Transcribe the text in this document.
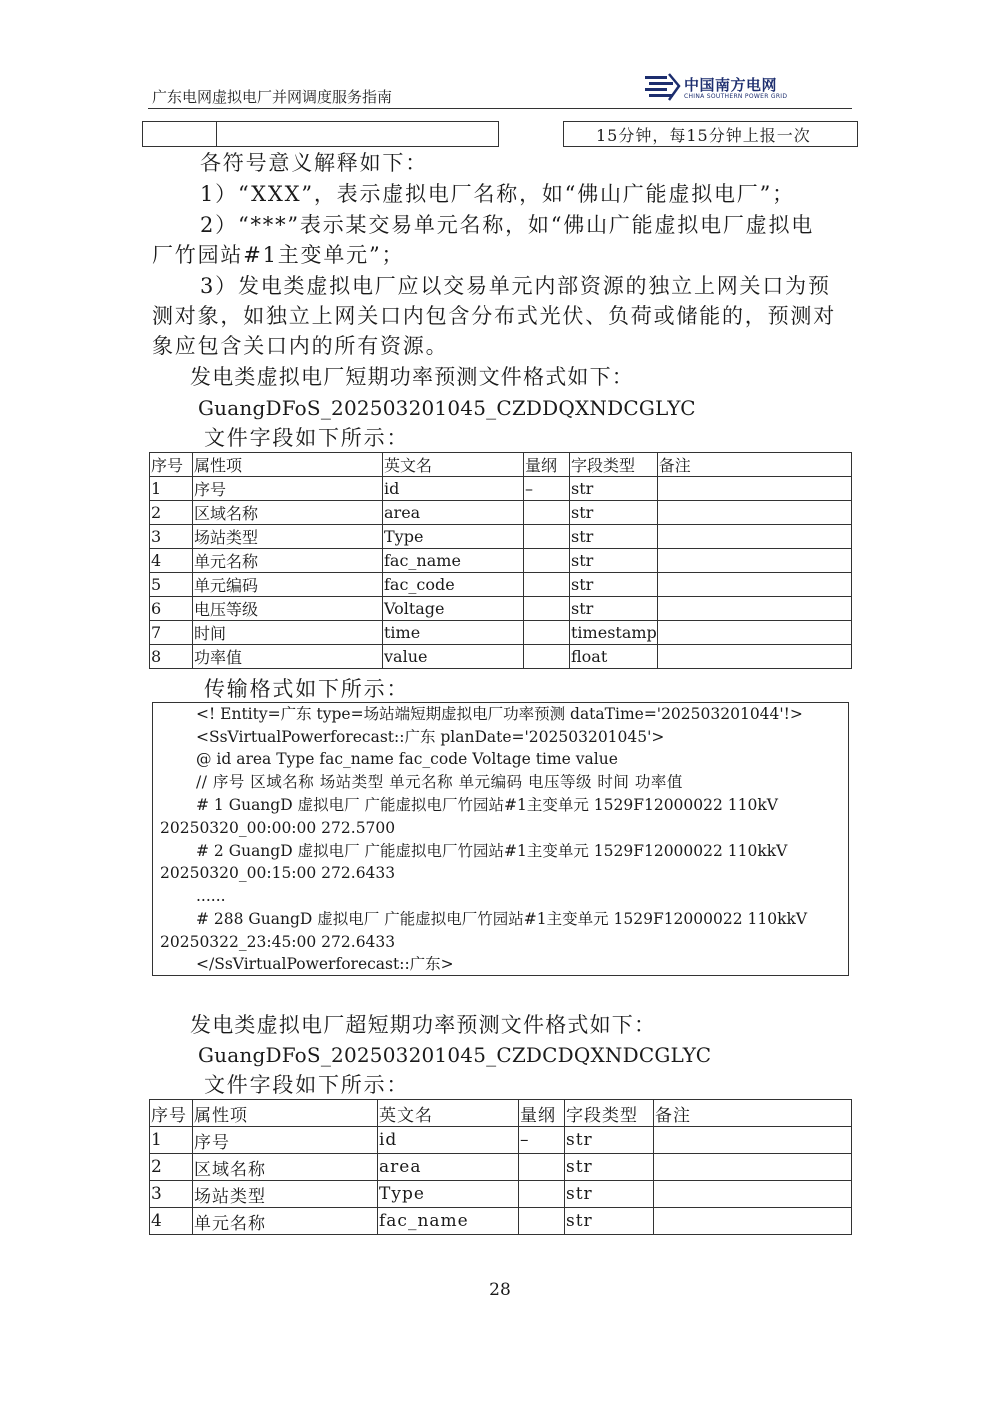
广东电网虚拟电厂并网调度服务指南
中国南方电网
CHINA SOUTHERN POWER GRID
			15分钟，每15分钟上报一次
各符号意义解释如下：
1）“XXX”，表示虚拟电厂名称，如“佛山广能虚拟电厂”；
2）“***”表示某交易单元名称，如“佛山广能虚拟电厂虚拟电
厂竹园站#1主变单元”；
3）发电类虚拟电厂应以交易单元内部资源的独立上网关口为预
测对象，如独立上网关口内包含分布式光伏、负荷或储能的，预测对
象应包含关口内的所有资源。
发电类虚拟电厂短期功率预测文件格式如下：
GuangDFoS_202503201045_CZDDQXNDCGLYC
文件字段如下所示：
序号	属性项	英文名	量纲	字段类型	备注
1	序号	id	–	str	
2	区域名称	area		str	
3	场站类型	Type		str	
4	单元名称	fac_name		str	
5	单元编码	fac_code		str	
6	电压等级	Voltage		str	
7	时间	time		timestamp	
8	功率值	value		float	
传输格式如下所示：
<! Entity=广东 type=场站端短期虚拟电厂功率预测 dataTime='202503201044'!>
<SsVirtualPowerforecast::广东 planDate='202503201045'>
@ id area Type fac_name fac_code Voltage time value
// 序号 区域名称 场站类型 单元名称 单元编码 电压等级 时间 功率值
# 1 GuangD 虚拟电厂 广能虚拟电厂竹园站#1主变单元 1529F12000022 110kV
20250320_00:00:00 272.5700
# 2 GuangD 虚拟电厂 广能虚拟电厂竹园站#1主变单元 1529F12000022 110kkV
20250320_00:15:00 272.6433
......
# 288 GuangD 虚拟电厂 广能虚拟电厂竹园站#1主变单元 1529F12000022 110kkV
20250322_23:45:00 272.6433
</SsVirtualPowerforecast::广东>
发电类虚拟电厂超短期功率预测文件格式如下：
GuangDFoS_202503201045_CZDCDQXNDCGLYC
文件字段如下所示：
序号	属性项	英文名	量纲	字段类型	备注
1	序号	id	–	str	
2	区域名称	area		str	
3	场站类型	Type		str	
4	单元名称	fac_name		str	
28
